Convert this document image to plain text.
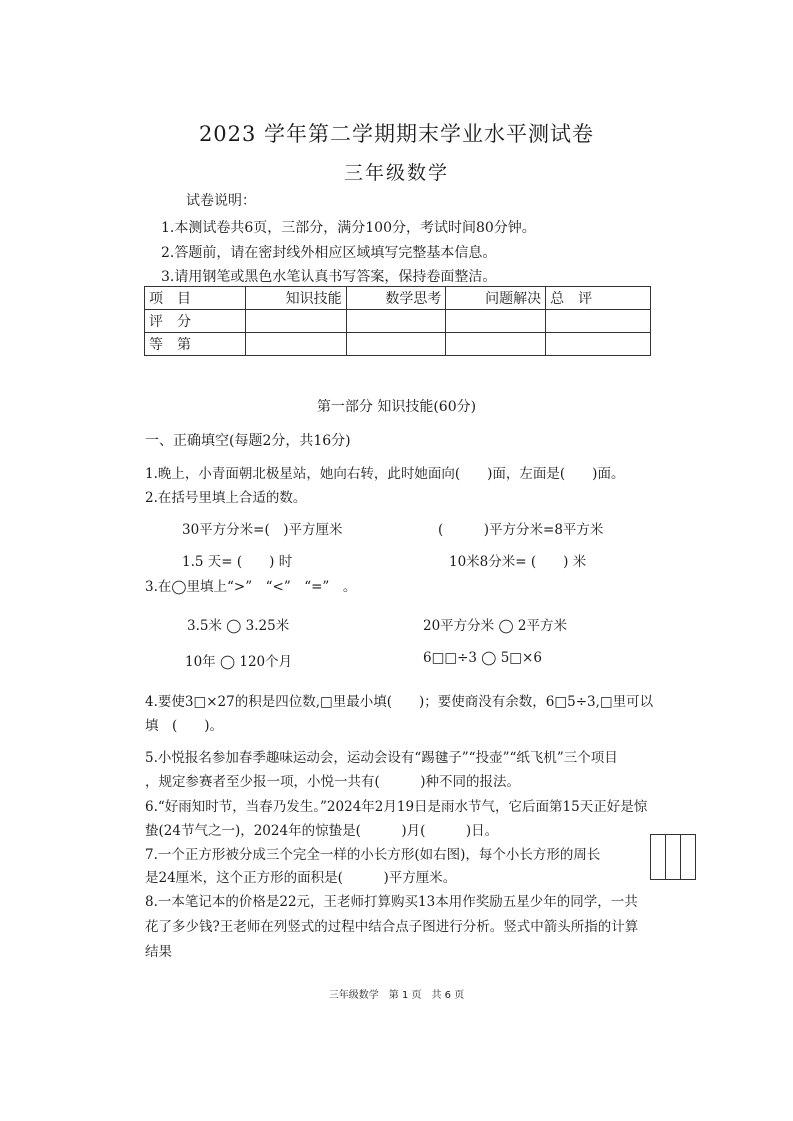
2023 学年第二学期期末学业水平测试卷
三年级数学
试卷说明：
1.本测试卷共6页，三部分，满分100分，考试时间80分钟。
2.答题前，请在密封线外相应区域填写完整基本信息。
3.请用钢笔或黑色水笔认真书写答案，保持卷面整洁。
项　目	知识技能	数学思考	问题解决	总　评
评　分				
等　第				
第一部分 知识技能(60分)
一、正确填空(每题2分，共16分)
1.晚上，小青面朝北极星站，她向右转，此时她面向(　　)面，左面是(　　)面。
2.在括号里填上合适的数。
30平方分米=(　)平方厘米	(　　　)平方分米=8平方米
1.5 天= (　　) 时	10米8分米= (　　) 米
3.在◯里填上“>”　“<”　“=”　。
3.5米 ◯ 3.25米	20平方分米 ◯ 2平方米
10年 ◯ 120个月	6□□÷3 ◯ 5□×6
4.要使3□×27的积是四位数,□里最小填(　　)；要使商没有余数，6□5÷3,□里可以
填　(　　)。
5.小悦报名参加春季趣味运动会，运动会设有“踢毽子”“投壶”“纸飞机”三个项目
，规定参赛者至少报一项，小悦一共有(　　　)种不同的报法。
6.“好雨知时节，当春乃发生。”2024年2月19日是雨水节气，它后面第15天正好是惊
蛰(24节气之一)，2024年的惊蛰是(　　　)月(　　　)日。
7.一个正方形被分成三个完全一样的小长方形(如右图)，每个小长方形的周长
是24厘米，这个正方形的面积是(　　　)平方厘米。
8.一本笔记本的价格是22元，王老师打算购买13本用作奖励五星少年的同学，一共
花了多少钱?王老师在列竖式的过程中结合点子图进行分析。竖式中箭头所指的计算
结果
三年级数学　第 1 页　共 6 页
